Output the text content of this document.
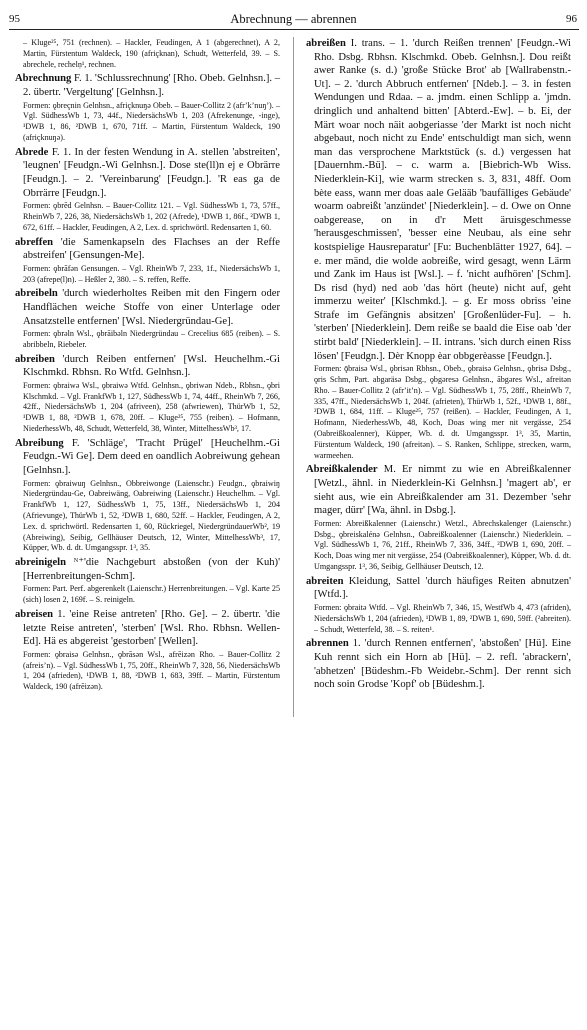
95	Abrechnung — abrennen	96

– Kluge²⁵, 751 (rechnen). – Hackler, Feudingen, A 1 (abgerechnet), A 2, Martin, Fürstentum Waldeck, 190 (afriçknan), Schudt, Wetterfeld, 39. – S. abrechele, rechelṇ¹, rechnen.

Abrechnung F. 1. 'Schlussrechnung' [Rho. Obeb. Gelnhsn.]. – 2. übertr. 'Vergeltung' [Gelnhsn.].

Formen: ǫbreçnin Gelnhsn., afriçknuŋə Obeb. – Bauer-Collitz 2 (afrʼkʼnuŋʼ). – Vgl. SüdhessWb 1, 73, 44f., NiedersächsWb 1, 203 (Afrekenunge, -inge), ¹DWB 1, 86, ²DWB 1, 670, 71ff. – Martin, Fürstentum Waldeck, 190 (afriçknuŋə).

Abrede F. 1. In der festen Wendung in A. stellen 'abstreiten', 'leugnen' [Feudgn.-Wi Gelnhsn.]. Dose ste(ll)n ej e Obrärre [Feudgn.]. – 2. 'Vereinbarung' [Feudgn.]. 'R eas ga de Obrrärre [Feudgn.].

Formen: ǫbrēd Gelnhsn. – Bauer-Collitz 121. – Vgl. SüdhessWb 1, 73, 57ff., RheinWb 7, 226, 38, NiedersächsWb 1, 202 (Afrede), ¹DWB 1, 86f., ²DWB 1, 672, 61ff. – Hackler, Feudingen, A 2, Lex. d. sprichwörtl. Redensarten 1, 60.

abreffen 'die Samenkapseln des Flachses an der Reffe abstreifen' [Gensungen-Me].

Formen: ǫbrāfən Gensungen. – Vgl. RheinWb 7, 233, 1f., NiedersächsWb 1, 203 (afrepe(l)n). – Heßler 2, 380. – S. reffen, Reffe.

abreibeln 'durch wiederholtes Reiben mit den Fingern oder Handflächen weiche Stoffe von einer Unterlage oder Ansatzstelle entfernen' [Wsl. Niedergründau-Ge].

Formen: ǫbrəln Wsl., ǫbrāibəln Niedergründau – Crecelius 685 (reiben). – S. abribbeln, Riebeler.

abreiben 'durch Reiben entfernen' [Wsl. Heuchelhm.-Gi Klschmkd. Rbhsn. Ro Wtfd. Gelnhsn.].

Formen: ǫbraiwə Wsl., ǫbraiwə Wtfd. Gelnhsn., ǫbriwən Ndeb., Rbhsn., ǫbri Klschmkd. – Vgl. FrankfWb 1, 127, SüdhessWb 1, 74, 44ff., RheinWb 7, 266, 42ff., NiedersächsWb 1, 204 (afriveen), 258 (afwriewen), ThürWb 1, 52, ¹DWB 1, 88, ²DWB 1, 678, 20ff. – Kluge²⁵, 755 (reiben). – Hofmann, NiederhessWb, 48, Schudt, Wetterfeld, 38, Winter, MittelhessWb³, 17.

Abreibung F. 'Schläge', 'Tracht Prügel' [Heuchelhm.-Gi Feudgn.-Wi Ge]. Dem deed en oandlich Aobreiwung gehean [Gelnhsn.].

Formen: ǫbraiwuŋ Gelnhsn., Obbreiwonge (Laienschr.) Feudgn., ǫbraiwiŋ Niedergründau-Ge, Oabreiwäng, Oabreiwing (Laienschr.) Heuchelhm. – Vgl. FrankfWb 1, 127, SüdhessWb 1, 75, 13ff., NiedersächsWb 1, 204 (Afrievunge), ThürWb 1, 52, ²DWB 1, 680, 52ff. – Hackler, Feudingen, A 2, Lex. d. sprichwörtl. Redensarten 1, 60, Rückriegel, NiedergründauerWb², 19 (Abreiwing), Seibig, Gellhäuser Deutsch, 12, Winter, MittelhessWb³, 17, Küpper, Wb. d. dt. Umgangsspr. 1³, 35.

abreinigeln ᴺ⁺'die Nachgeburt abstoßen (von der Kuh)' [Herrenbreitungen-Schm].

Formen: Part. Perf. abgerenkelt (Laienschr.) Herrenbreitungen. – Vgl. Karte 25 (sich) losen 2, 169f. – S. reinigeln.

abreisen 1. 'eine Reise antreten' [Rho. Ge]. – 2. übertr. 'die letzte Reise antreten', 'sterben' [Wsl. Rho. Rbhsn. Wellen-Ed]. Hä es abgereist 'gestorben' [Wellen].

Formen: ǫbraisə Gelnhsn., ǫbrāsən Wsl., afrēizən Rho. – Bauer-Collitz 2 (afreisʼn). – Vgl. SüdhessWb 1, 75, 20ff., RheinWb 7, 328, 56, NiedersächsWb 1, 204 (afrieden), ¹DWB 1, 88, ²DWB 1, 683, 39ff. – Martin, Fürstentum Waldeck, 190 (afrēizən).

abreißen I. trans. – 1. 'durch Reißen trennen' [Feudgn.-Wi Rho. Dsbg. Rbhsn. Klschmkd. Obeb. Gelnhsn.]. Dou reißt awer Ranke (s. d.) 'große Stücke Brot' ab [Wallrabenstn.-Ut]. – 2. 'durch Abbruch entfernen' [Ndeb.]. – 3. in festen Wendungen und Rdaa. – a. jmdm. einen Schlipp a. 'jmdn. dringlich und anhaltend bitten' [Abterd.-Ew]. – b. Ei, der Märt woar noch näit aobgeriasse 'der Markt ist noch nicht abgebaut, noch nicht zu Ende' entschuldigt man sich, wenn man das versprochene Marktstück (s. d.) vergessen hat [Dauernhm.-Bü]. – c. warm a. [Biebrich-Wb Wiss. Niederklein-Ki], wie warm strecken s. 3, 831, 48ff. Oom bète eass, wann mer doas aale Gelääb 'baufälliges Gebäude' woarm oabreißt 'anzündet' [Niederklein]. – d. Owe on Onne oabgerease, on in d'r Mett äruisgeschmesse 'herausgeschmissen', 'besser eine Neubau, als eine sehr kostspielige Hausreparatur' [Fu: Buchenblätter 1927, 64]. – e. mer mänd, die wolde aobreiße, wird gesagt, wenn Lärm und Zank im Haus ist [Wsl.]. – f. 'nicht aufhören' [Schm]. Ds risd (hyd) ned aob 'das hört (heute) nicht auf, geht immerzu weiter' [Klschmkd.]. – g. Er moss obriss 'eine Strafe im Gefängnis absitzen' [Großenlüder-Fu]. – h. 'sterben' [Niederklein]. Dem reiße se baald die Eise oab 'der stirbt bald' [Niederklein]. – II. intrans. 'sich durch einen Riss lösen' [Feudgn.]. Dèr Knopp èar obbgerèasse [Feudgn.].

Formen: ǭbraisə Wsl., ǫbrisən Rbhsn., Obeb., ǫbraisə Gelnhsn., ǫbrisə Dsbg., ǫris Schm, Part. abgaräsə Dsbg., ǫbgəresə Gelnhsn., ābgəres Wsl., afreitən Rho. – Bauer-Collitz 2 (afrʼitʼn). – Vgl. SüdhessWb 1, 75, 28ff., RheinWb 7, 335, 47ff., NiedersächsWb 1, 204f. (afrieten), ThürWb 1, 52f., ¹DWB 1, 88f., ²DWB 1, 684, 11ff. – Kluge²⁵, 757 (reißen). – Hackler, Feudingen, A 1, Hofmann, NiederhessWb, 48, Koch, Doas wing mer nit vergässe, 254 (Oabreißkoalenner), Küpper, Wb. d. dt. Umgangsspr. 1³, 35, Martin, Fürstentum Waldeck, 190 (afreitən). – S. Ranken, Schlippe, strecken, warm, warmeehen.

Abreißkalender M. Er nimmt zu wie en Abreißkalenner [Wetzl., ähnl. in Niederklein-Ki Gelnhsn.] 'magert ab', er sieht aus, wie ein Abreißkalender am 31. Dezember 'sehr mager, dürr' [Wa, ähnl. in Dsbg.].

Formen: Abreißkalenner (Laienschr.) Wetzl., Abrechskalenger (Laienschr.) Dsbg., ǫbreiskalénə Gelnhsn., Oabreißkoalenner (Laienschr.) Niederklein. – Vgl. SüdhessWb 1, 76, 21ff., RheinWb 7, 336, 34ff., ²DWB 1, 690, 20ff. – Koch, Doas wing mer nit vergässe, 254 (Oabreißkoalenner), Küpper, Wb. d. dt. Umgangsspr. 1³, 36, Seibig, Gellhäuser Deutsch, 12.

abreiten Kleidung, Sattel 'durch häufiges Reiten abnutzen' [Wtfd.].

Formen: ǫbraitə Wtfd. – Vgl. RheinWb 7, 346, 15, WestfWb 4, 473 (afriden), NiedersächsWb 1, 204 (afrieden), ¹DWB 1, 89, ²DWB 1, 690, 59ff. (²abreiten). – Schudt, Wetterfeld, 38. – S. reiten¹.

abrennen 1. 'durch Rennen entfernen', 'abstoßen' [Hü]. Eine Kuh rennt sich ein Horn ab [Hü]. – 2. refl. 'abrackern', 'abhetzen' [Büdeshm.-Fb Weidebr.-Schm]. Der rennt sich noch soin Grodse 'Kopf' ob [Büdeshm.].
